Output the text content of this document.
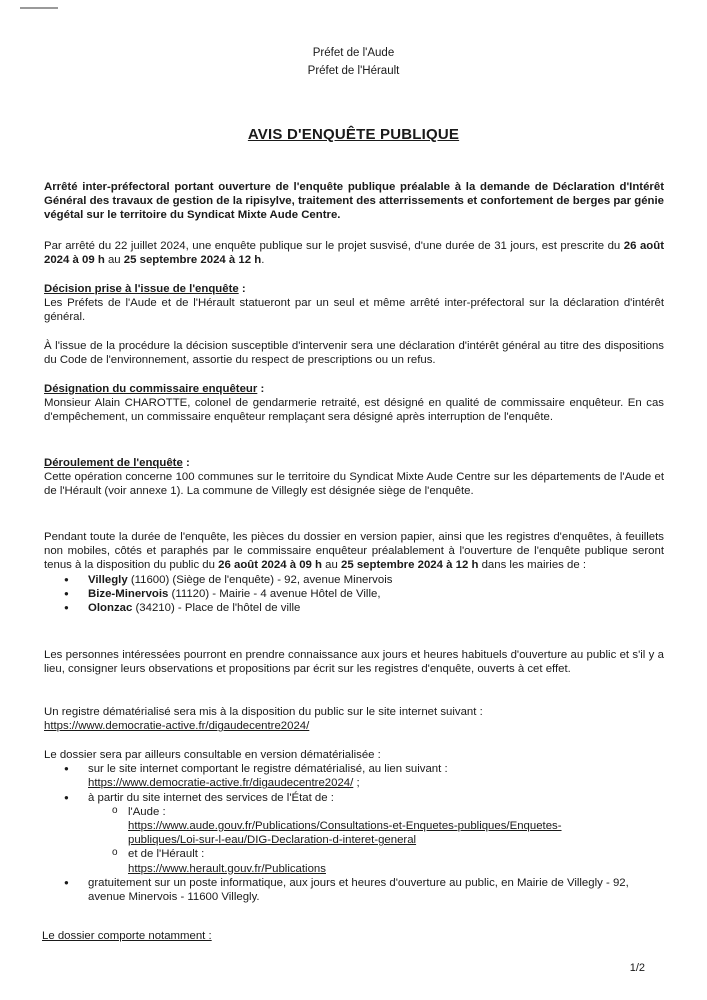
Préfet de l'Aude
Préfet de l'Hérault
AVIS D'ENQUÊTE PUBLIQUE
Arrêté inter-préfectoral portant ouverture de l'enquête publique préalable à la demande de Déclaration d'Intérêt Général des travaux de gestion de la ripisylve, traitement des atterrissements et confortement de berges par génie végétal sur le territoire du Syndicat Mixte Aude Centre.
Par arrêté du 22 juillet 2024, une enquête publique sur le projet susvisé, d'une durée de 31 jours, est prescrite du 26 août 2024 à 09 h au 25 septembre 2024 à 12 h.
Décision prise à l'issue de l'enquête :
Les Préfets de l'Aude et de l'Hérault statueront par un seul et même arrêté inter-préfectoral sur la déclaration d'intérêt général.
À l'issue de la procédure la décision susceptible d'intervenir sera une déclaration d'intérêt général au titre des dispositions du Code de l'environnement, assortie du respect de prescriptions ou un refus.
Désignation du commissaire enquêteur :
Monsieur Alain CHAROTTE, colonel de gendarmerie retraité, est désigné en qualité de commissaire enquêteur. En cas d'empêchement, un commissaire enquêteur remplaçant sera désigné après interruption de l'enquête.
Déroulement de l'enquête :
Cette opération concerne 100 communes sur le territoire du Syndicat Mixte Aude Centre sur les départements de l'Aude et de l'Hérault (voir annexe 1). La commune de Villegly est désignée siège de l'enquête.
Pendant toute la durée de l'enquête, les pièces du dossier en version papier, ainsi que les registres d'enquêtes, à feuillets non mobiles, côtés et paraphés par le commissaire enquêteur préalablement à l'ouverture de l'enquête publique seront tenus à la disposition du public du 26 août 2024 à 09 h au 25 septembre 2024 à 12 h dans les mairies de :
● Villegly (11600) (Siège de l'enquête) - 92, avenue Minervois
● Bize-Minervois (11120) - Mairie - 4 avenue Hôtel de Ville,
● Olonzac (34210) - Place de l'hôtel de ville
Les personnes intéressées pourront en prendre connaissance aux jours et heures habituels d'ouverture au public et s'il y a lieu, consigner leurs observations et propositions par écrit sur les registres d'enquête, ouverts à cet effet.
Un registre dématérialisé sera mis à la disposition du public sur le site internet suivant :
https://www.democratie-active.fr/digaudecentre2024/
Le dossier sera par ailleurs consultable en version dématérialisée :
● sur le site internet comportant le registre dématérialisé, au lien suivant :
https://www.democratie-active.fr/digaudecentre2024/ ;
● à partir du site internet des services de l'État de :
o l'Aude :
https://www.aude.gouv.fr/Publications/Consultations-et-Enquetes-publiques/Enquetes-
publiques/Loi-sur-l-eau/DIG-Declaration-d-interet-general
o et de l'Hérault :
https://www.herault.gouv.fr/Publications
● gratuitement sur un poste informatique, aux jours et heures d'ouverture au public, en Mairie de Villegly - 92, avenue Minervois - 11600 Villegly.
Le dossier comporte notamment :
1/2
